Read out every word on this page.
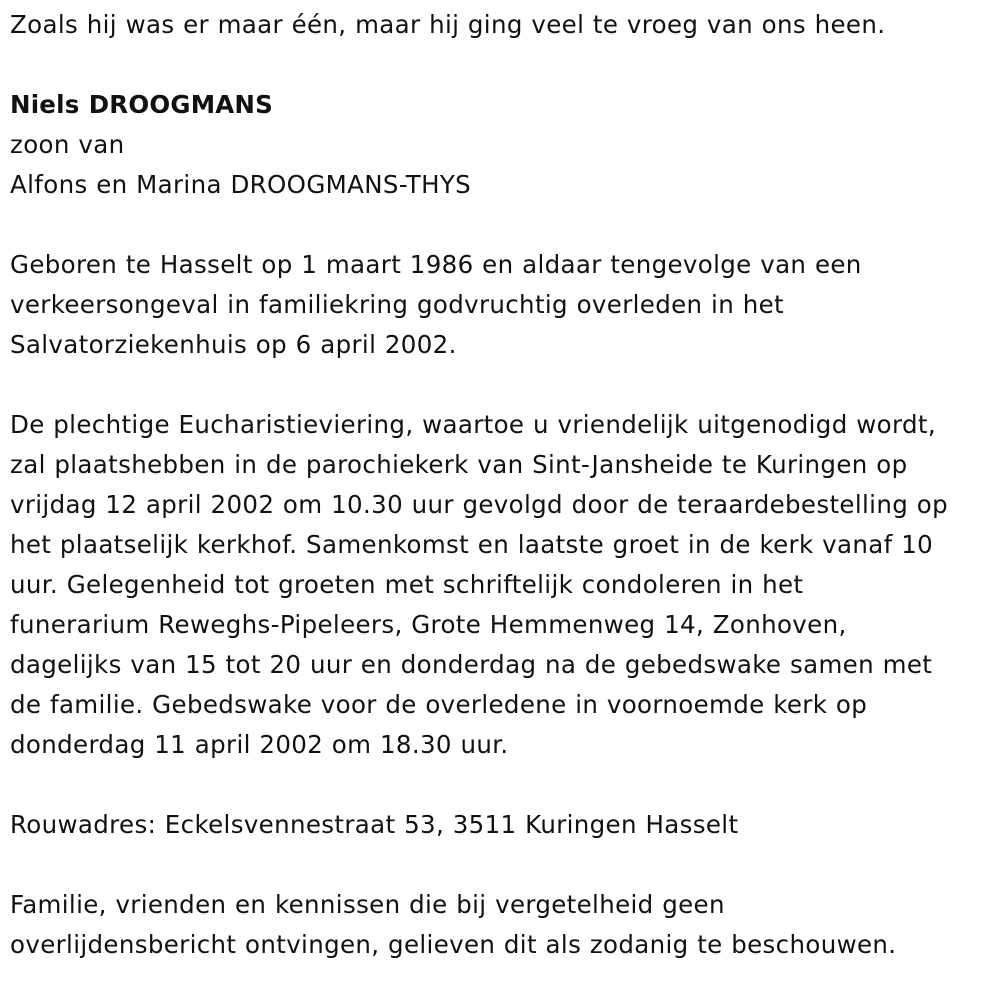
Zoals hij was er maar één, maar hij ging veel te vroeg van ons heen.

Niels DROOGMANS

zoon van

Alfons en Marina DROOGMANS-THYS

Geboren te Hasselt op 1 maart 1986 en aldaar tengevolge van een
verkeersongeval in familiekring godvruchtig overleden in het
Salvatorziekenhuis op 6 april 2002.
De plechtige Eucharistieviering, waartoe u vriendelijk uitgenodigd wordt,
zal plaatshebben in de parochiekerk van Sint-Jansheide te Kuringen op
vrijdag 12 april 2002 om 10.30 uur gevolgd door de teraardebestelling op
het plaatselijk kerkhof. Samenkomst en laatste groet in de kerk vanaf 10
uur. Gelegenheid tot groeten met schriftelijk condoleren in het
funerarium Reweghs-Pipeleers, Grote Hemmenweg 14, Zonhoven,
dagelijks van 15 tot 20 uur en donderdag na de gebedswake samen met
de familie. Gebedswake voor de overledene in voornoemde kerk op
donderdag 11 april 2002 om 18.30 uur.

Rouwadres: Eckelsvennestraat 53, 3511 Kuringen Hasselt

Familie, vrienden en kennissen die bij vergetelheid geen
overlijdensbericht ontvingen, gelieven dit als zodanig te beschouwen.
